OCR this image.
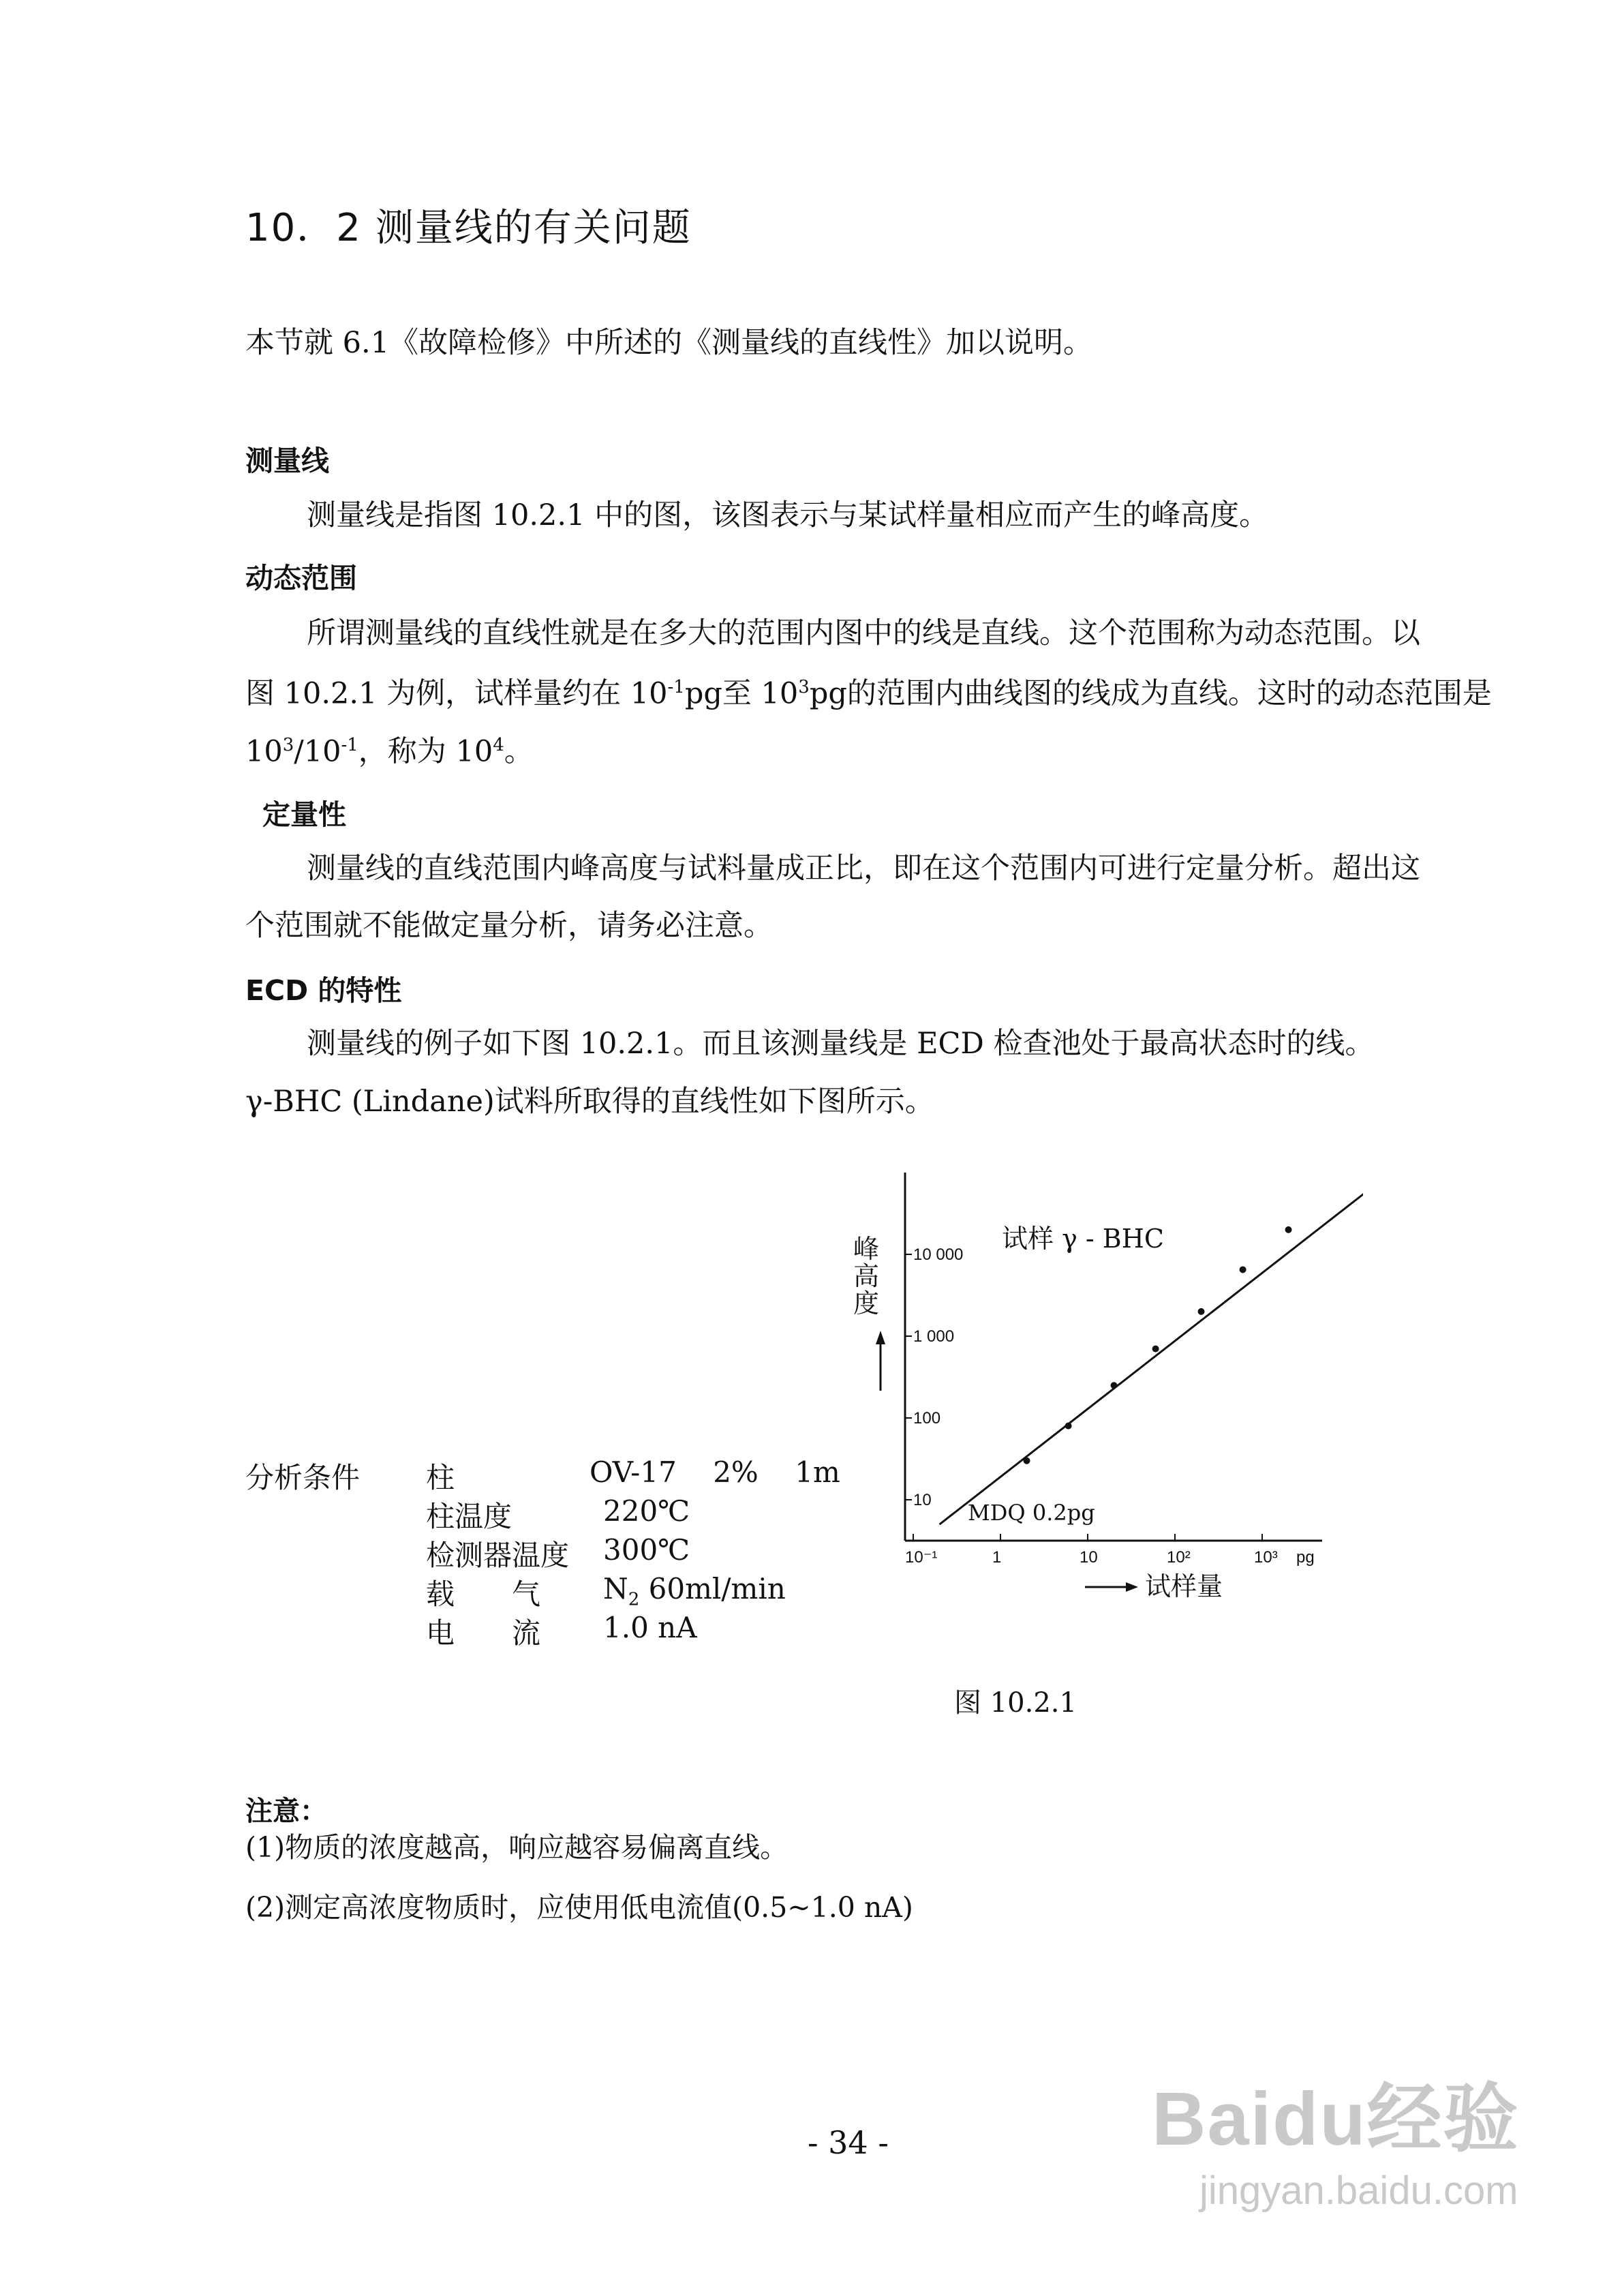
10．2 测量线的有关问题
本节就 6.1《故障检修》中所述的《测量线的直线性》加以说明。
测量线
测量线是指图 10.2.1 中的图，该图表示与某试样量相应而产生的峰高度。
动态范围
所谓测量线的直线性就是在多大的范围内图中的线是直线。这个范围称为动态范围。以
图 10.2.1 为例，试样量约在 $10^{-1}pg$至 $10^3pg$的范围内曲线图的线成为直线。这时的动态范围是
$10^3/10^{-1}$，称为 $10^4$。
定量性
测量线的直线范围内峰高度与试料量成正比，即在这个范围内可进行定量分析。超出这
个范围就不能做定量分析，请务必注意。
ECD 的特性
测量线的例子如下图 10.2.1。而且该测量线是 ECD 检查池处于最高状态时的线。
γ-BHC (Lindane)试料所取得的直线性如下图所示。
分析条件 柱	OV-17    2%    1m
柱温度	220℃
检测器温度 300℃
载　　气 $N_2$ 60ml/min
电　　流 1.0 nA
10 000
1 000
100
10
10⁻¹	1	10	10²	10³ pg
试样 γ - BHC
MDQ 0.2pg
峰
高
度
试样量
图 10.2.1
注意：
(1)物质的浓度越高，响应越容易偏离直线。
(2)测定高浓度物质时，应使用低电流值(0.5~1.0 nA)
- 34 -	Baidu经验
jingyan.baidu.com
